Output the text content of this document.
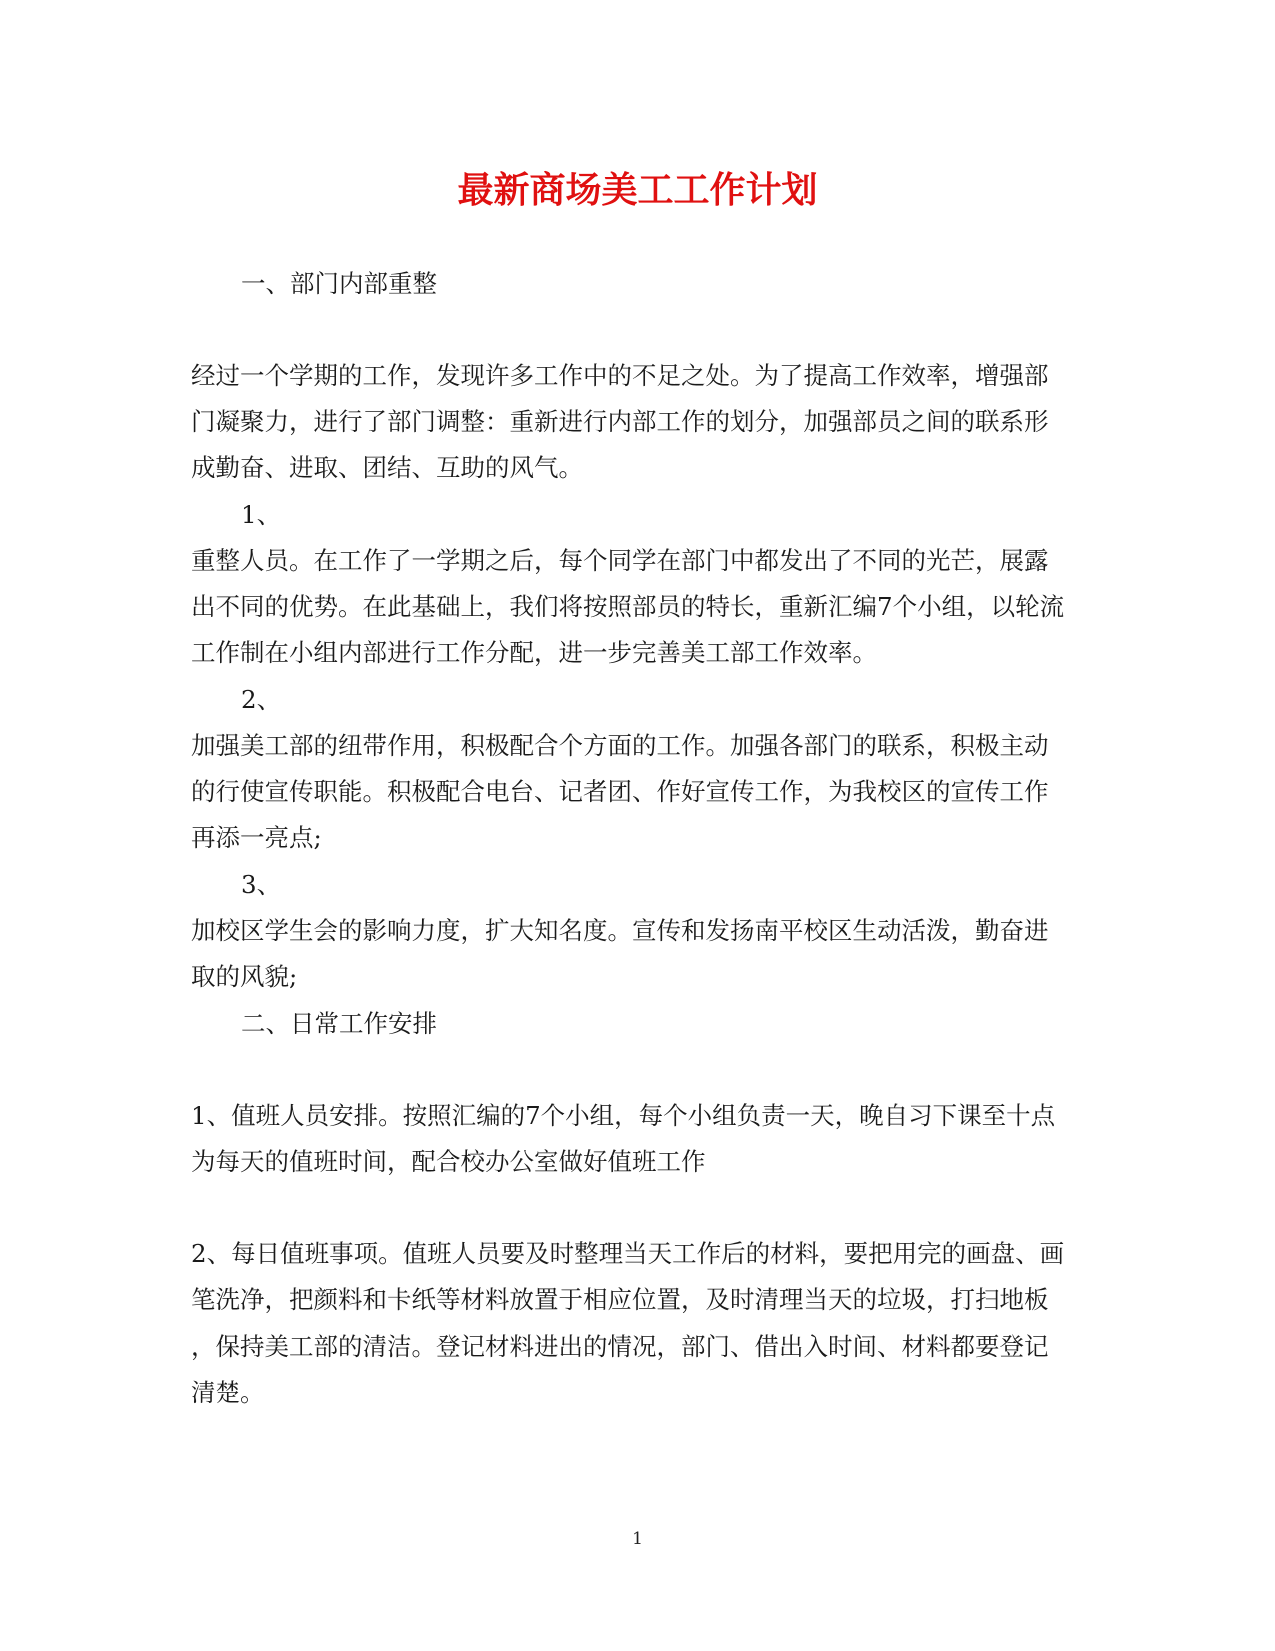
最新商场美工工作计划
一、部门内部重整
经过一个学期的工作，发现许多工作中的不足之处。为了提高工作效率，增强部
门凝聚力，进行了部门调整：重新进行内部工作的划分，加强部员之间的联系形
成勤奋、进取、团结、互助的风气。
1、
重整人员。在工作了一学期之后，每个同学在部门中都发出了不同的光芒，展露
出不同的优势。在此基础上，我们将按照部员的特长，重新汇编7个小组，以轮流
工作制在小组内部进行工作分配，进一步完善美工部工作效率。
2、
加强美工部的纽带作用，积极配合个方面的工作。加强各部门的联系，积极主动
的行使宣传职能。积极配合电台、记者团、作好宣传工作，为我校区的宣传工作
再添一亮点;
3、
加校区学生会的影响力度，扩大知名度。宣传和发扬南平校区生动活泼，勤奋进
取的风貌;
二、日常工作安排
1、值班人员安排。按照汇编的7个小组，每个小组负责一天，晚自习下课至十点
为每天的值班时间，配合校办公室做好值班工作
2、每日值班事项。值班人员要及时整理当天工作后的材料，要把用完的画盘、画
笔洗净，把颜料和卡纸等材料放置于相应位置，及时清理当天的垃圾，打扫地板
，保持美工部的清洁。登记材料进出的情况，部门、借出入时间、材料都要登记
清楚。
1
